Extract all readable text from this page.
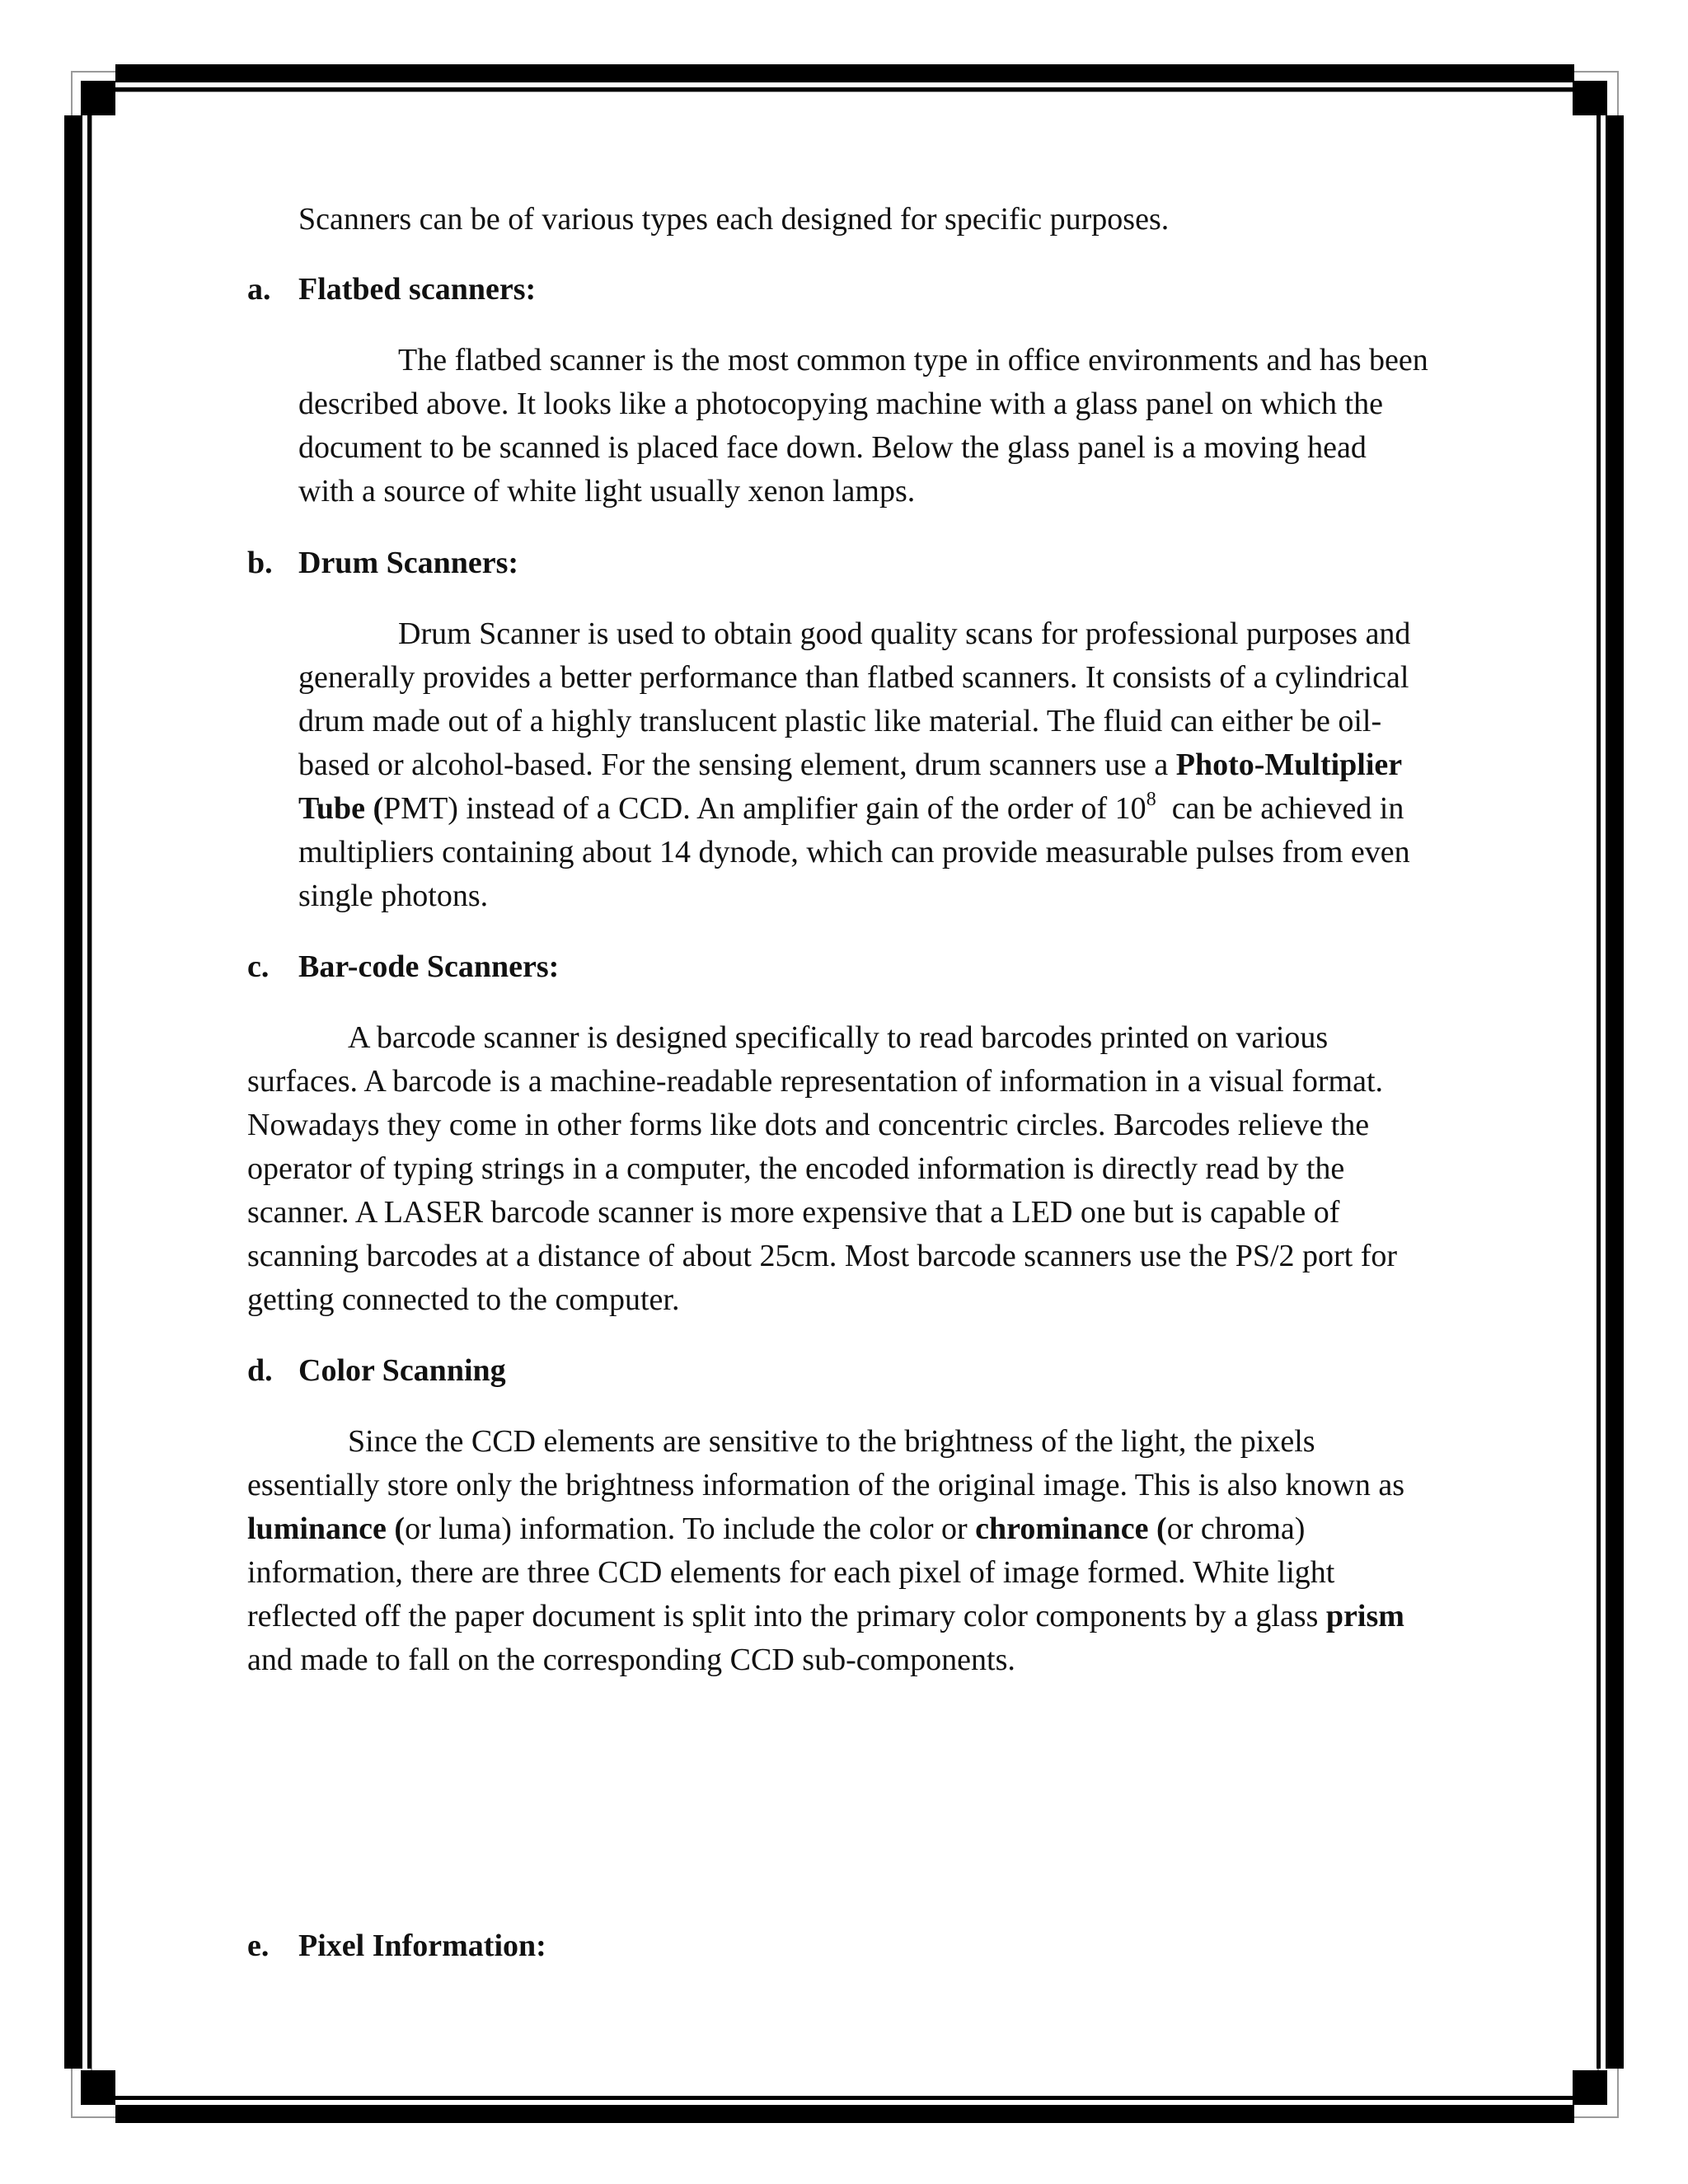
Scanners can be of various types each designed for specific purposes.

a. Flatbed scanners:

The flatbed scanner is the most common type in office environments and has been

described above. It looks like a photocopying machine with a glass panel on which the

document to be scanned is placed face down. Below the glass panel is a moving head

with a source of white light usually xenon lamps.

b. Drum Scanners:

Drum Scanner is used to obtain good quality scans for professional purposes and

generally provides a better performance than flatbed scanners. It consists of a cylindrical

drum made out of a highly translucent plastic like material. The fluid can either be oil-

based or alcohol-based. For the sensing element, drum scanners use a Photo-Multiplier

Tube (PMT) instead of a CCD. An amplifier gain of the order of $10^8$  can be achieved in

multipliers containing about 14 dynode, which can provide measurable pulses from even

single photons.

c. Bar-code Scanners:

A barcode scanner is designed specifically to read barcodes printed on various

surfaces. A barcode is a machine-readable representation of information in a visual format.

Nowadays they come in other forms like dots and concentric circles. Barcodes relieve the

operator of typing strings in a computer, the encoded information is directly read by the

scanner. A LASER barcode scanner is more expensive that a LED one but is capable of

scanning barcodes at a distance of about 25cm. Most barcode scanners use the PS/2 port for

getting connected to the computer.

d. Color Scanning

Since the CCD elements are sensitive to the brightness of the light, the pixels

essentially store only the brightness information of the original image. This is also known as

luminance (or luma) information. To include the color or chrominance (or chroma)

information, there are three CCD elements for each pixel of image formed. White light

reflected off the paper document is split into the primary color components by a glass prism

and made to fall on the corresponding CCD sub-components.

e. Pixel Information:
